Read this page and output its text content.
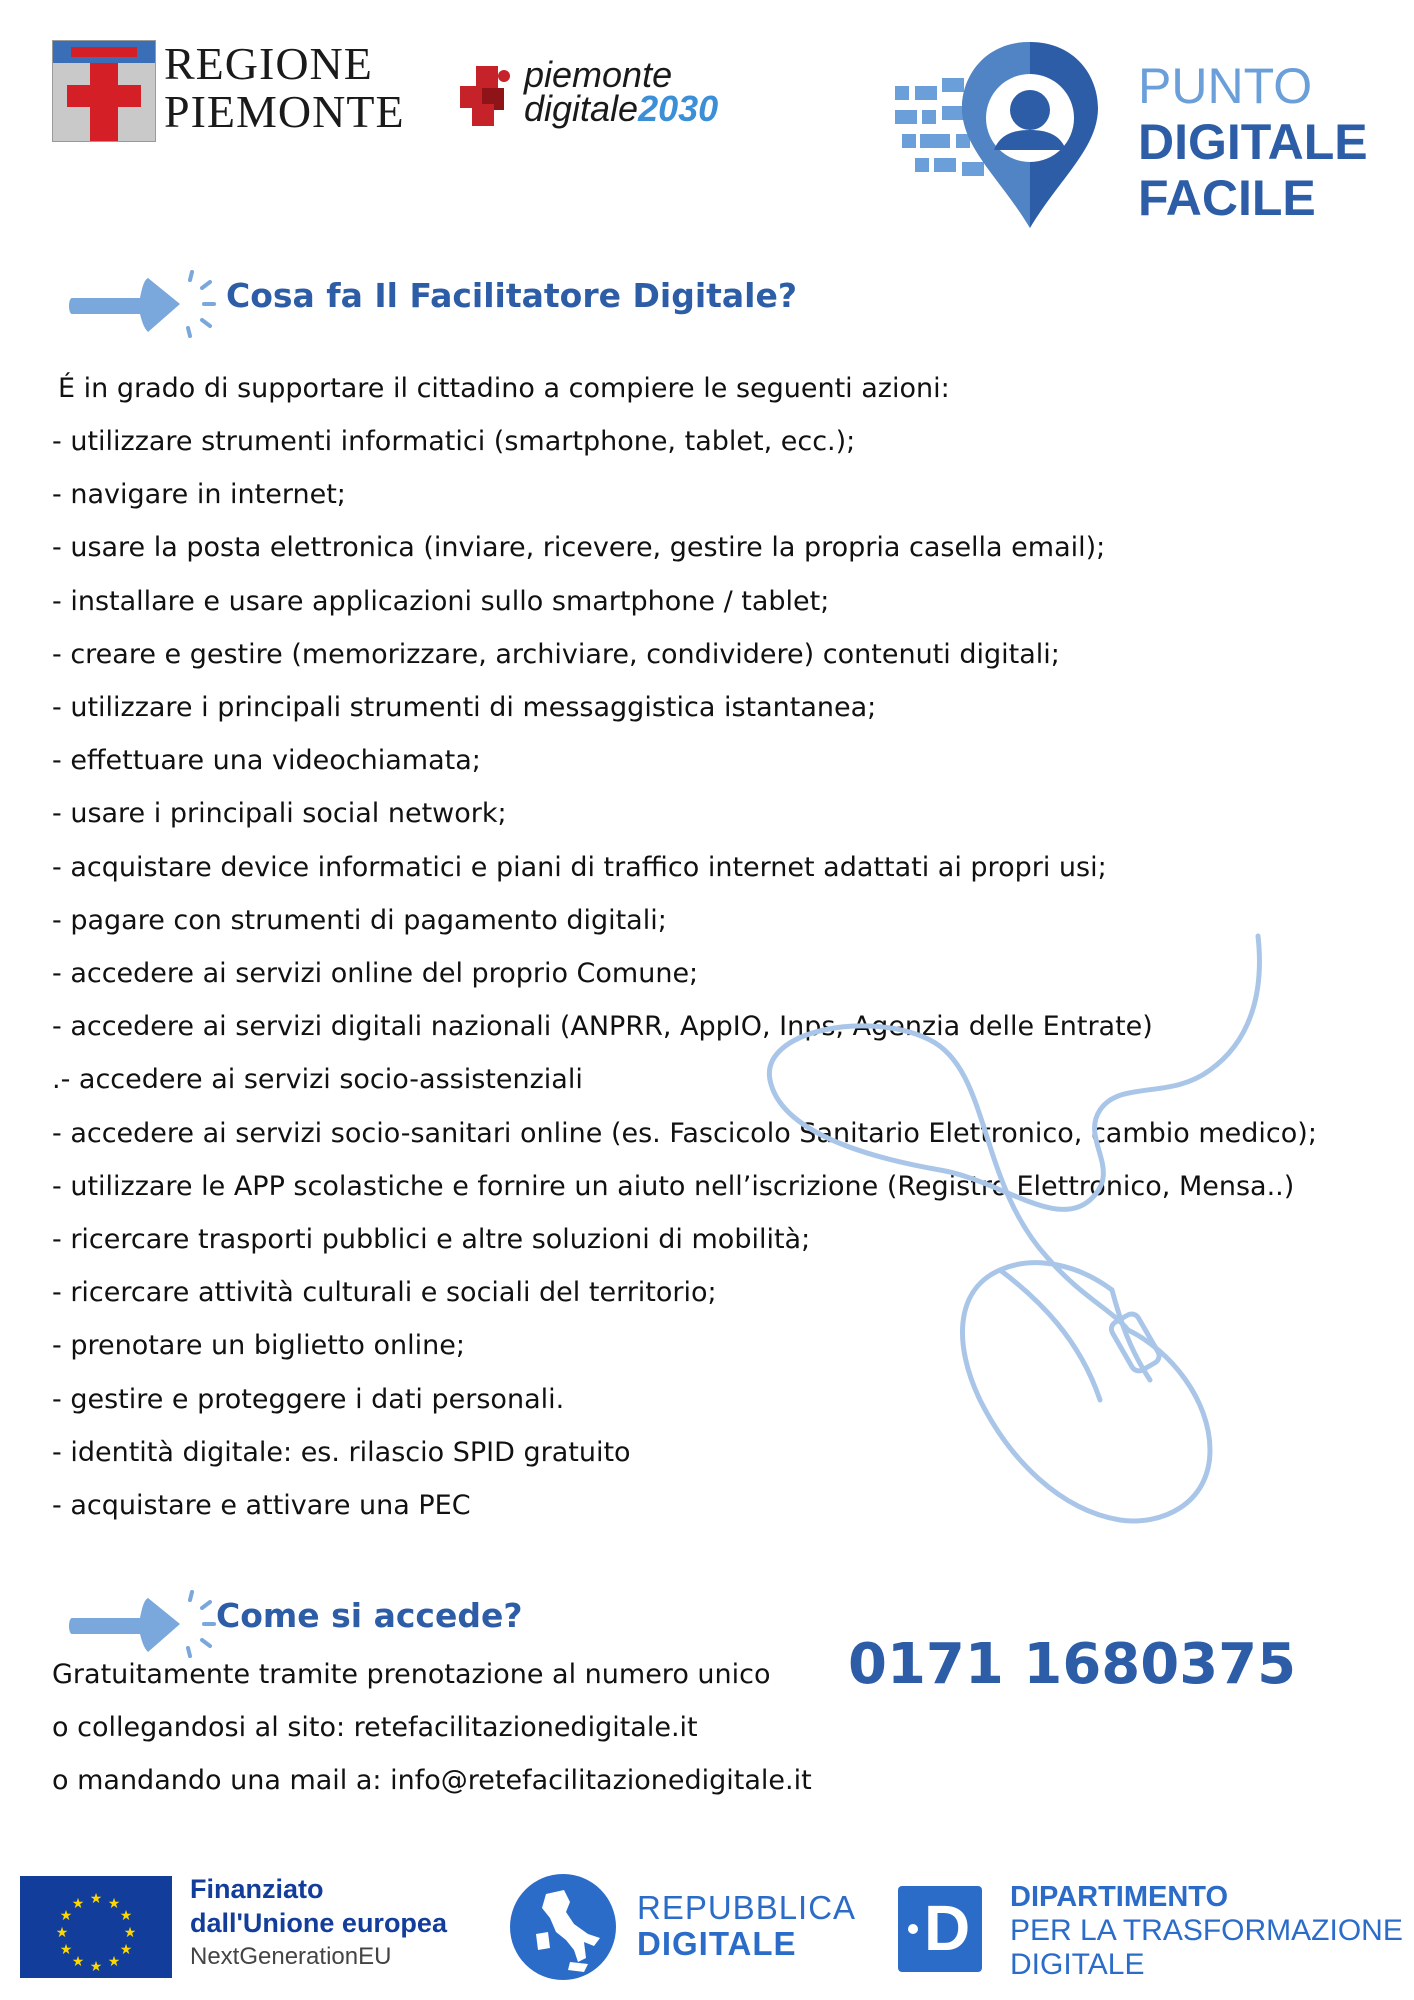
REGIONE
PIEMONTE
piemonte
digitale2030	PUNTO
DIGITALE
FACILE
Cosa fa Il Facilitatore Digitale?
É in grado di supportare il cittadino a compiere le seguenti azioni:
- utilizzare strumenti informatici (smartphone, tablet, ecc.);
- navigare in internet;
- usare la posta elettronica (inviare, ricevere, gestire la propria casella email);
- installare e usare applicazioni sullo smartphone / tablet;
- creare e gestire (memorizzare, archiviare, condividere) contenuti digitali;
- utilizzare i principali strumenti di messaggistica istantanea;
- effettuare una videochiamata;
- usare i principali social network;
- acquistare device informatici e piani di traffico internet adattati ai propri usi;
- pagare con strumenti di pagamento digitali;
- accedere ai servizi online del proprio Comune;
- accedere ai servizi digitali nazionali (ANPRR, AppIO, Inps, Agenzia delle Entrate)
.- accedere ai servizi socio-assistenziali
- accedere ai servizi socio-sanitari online (es. Fascicolo Sanitario Elettronico, cambio medico);
- utilizzare le APP scolastiche e fornire un aiuto nell’iscrizione (Registro Elettronico, Mensa..)
- ricercare trasporti pubblici e altre soluzioni di mobilità;
- ricercare attività culturali e sociali del territorio;
- prenotare un biglietto online;
- gestire e proteggere i dati personali.
- identità digitale: es. rilascio SPID gratuito
- acquistare e attivare una PEC
Come si accede?
Gratuitamente tramite prenotazione al numero unico
o collegandosi al sito: retefacilitazionedigitale.it
o mandando una mail a: info@retefacilitazionedigitale.it
0171 1680375
★ ★
★
★
★
★
★
★
★
★
★
★	Finanziato
dall'Unione europea
NextGenerationEU
REPUBBLICA
DIGITALE	D DIPARTIMENTO
PER LA TRASFORMAZIONE
DIGITALE
